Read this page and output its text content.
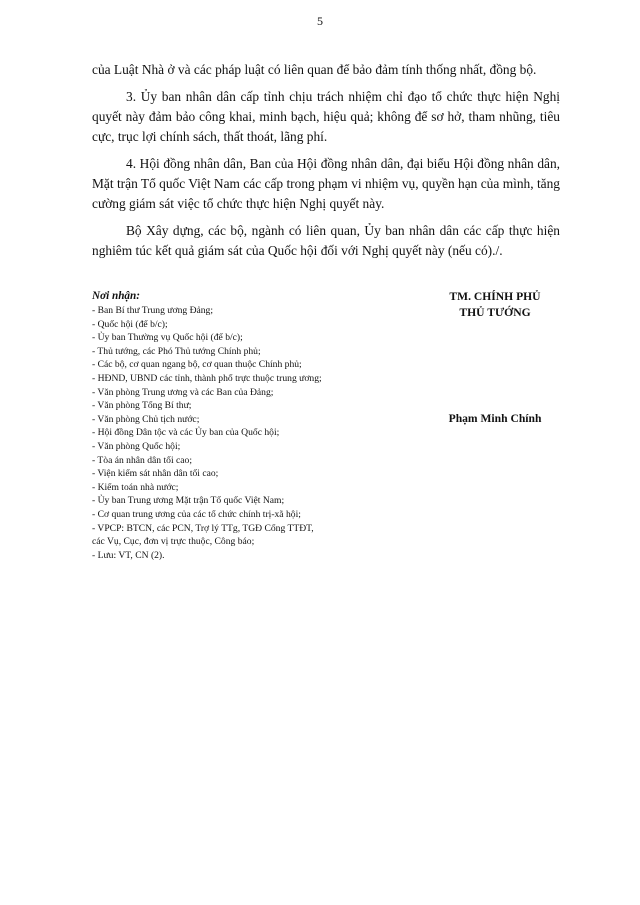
5

của Luật Nhà ở và các pháp luật có liên quan để bảo đảm tính thống nhất, đồng bộ.

3. Ủy ban nhân dân cấp tỉnh chịu trách nhiệm chỉ đạo tổ chức thực hiện Nghị quyết này đảm bảo công khai, minh bạch, hiệu quả; không để sơ hở, tham nhũng, tiêu cực, trục lợi chính sách, thất thoát, lãng phí.

4. Hội đồng nhân dân, Ban của Hội đồng nhân dân, đại biểu Hội đồng nhân dân, Mặt trận Tổ quốc Việt Nam các cấp trong phạm vi nhiệm vụ, quyền hạn của mình, tăng cường giám sát việc tổ chức thực hiện Nghị quyết này.

Bộ Xây dựng, các bộ, ngành có liên quan, Ủy ban nhân dân các cấp thực hiện nghiêm túc kết quả giám sát của Quốc hội đối với Nghị quyết này (nếu có)./.

Nơi nhận:
- Ban Bí thư Trung ương Đảng;
- Quốc hội (để b/c);
- Ủy ban Thường vụ Quốc hội (để b/c);
- Thủ tướng, các Phó Thủ tướng Chính phủ;
- Các bộ, cơ quan ngang bộ, cơ quan thuộc Chính phủ;
- HĐND, UBND các tỉnh, thành phố trực thuộc trung ương;
- Văn phòng Trung ương và các Ban của Đảng;
- Văn phòng Tổng Bí thư;
- Văn phòng Chủ tịch nước;
- Hội đồng Dân tộc và các Ủy ban của Quốc hội;
- Văn phòng Quốc hội;
- Tòa án nhân dân tối cao;
- Viện kiểm sát nhân dân tối cao;
- Kiểm toán nhà nước;
- Ủy ban Trung ương Mặt trận Tổ quốc Việt Nam;
- Cơ quan trung ương của các tổ chức chính trị-xã hội;
- VPCP: BTCN, các PCN, Trợ lý TTg, TGĐ Cổng TTĐT,
các Vụ, Cục, đơn vị trực thuộc, Công báo;
- Lưu: VT, CN (2).
TM. CHÍNH PHỦ
THỦ TƯỚNG
Phạm Minh Chính
